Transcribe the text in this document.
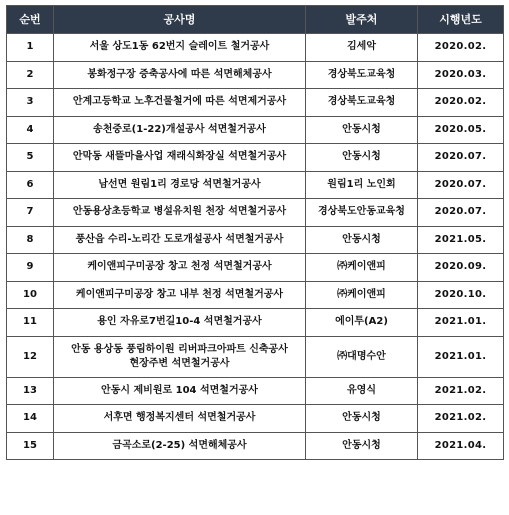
순번	공사명	발주처	시행년도
1	서울 상도1동 62번지 슬레이트 철거공사	김세악	2020.02.
2	봉화정구장 증축공사에 따른 석면해체공사	경상북도교육청	2020.03.
3	안계고등학교 노후건물철거에 따른 석면제거공사	경상북도교육청	2020.02.
4	송천중로(1-22)개설공사 석면철거공사	안동시청	2020.05.
5	안막동 새뜰마을사업 재래식화장실 석면철거공사	안동시청	2020.07.
6	남선면 원림1리 경로당 석면철거공사	원림1리 노인회	2020.07.
7	안동용상초등학교 병설유치원 천장 석면철거공사	경상북도안동교육청	2020.07.
8	풍산읍 수리-노리간 도로개설공사 석면철거공사	안동시청	2021.05.
9	케이앤피구미공장 창고 천정 석면철거공사	㈜케이앤피	2020.09.
10	케이앤피구미공장 창고 내부 천정 석면철거공사	㈜케이앤피	2020.10.
11	용인 자유로7번길10-4 석면철거공사	에이투(A2)	2021.01.
12	안동 용상동 풍림하이원 리버파크아파트 신축공사
현장주변 석면철거공사	㈜대명수안	2021.01.
13	안동시 제비원로 104 석면철거공사	유영식	2021.02.
14	서후면 행정복지센터 석면철거공사	안동시청	2021.02.
15	금곡소로(2-25) 석면해체공사	안동시청	2021.04.
